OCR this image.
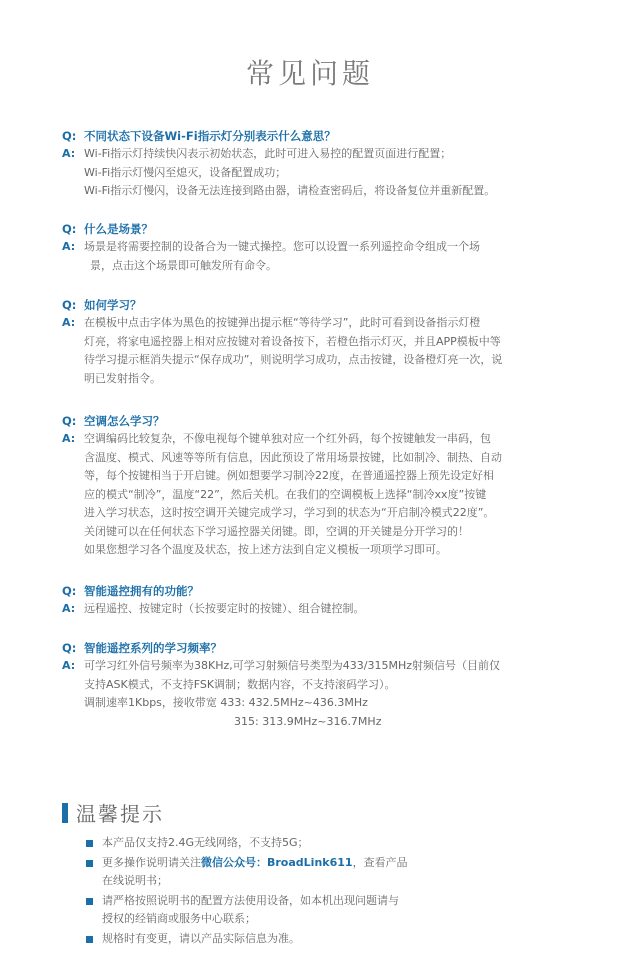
常见问题
Q: 不同状态下设备Wi-Fi指示灯分别表示什么意思？
A: Wi-Fi指示灯持续快闪表示初始状态，此时可进入易控的配置页面进行配置；
Wi-Fi指示灯慢闪至熄灭，设备配置成功；
Wi-Fi指示灯慢闪，设备无法连接到路由器，请检查密码后，将设备复位并重新配置。
Q: 什么是场景？
A: 场景是将需要控制的设备合为一键式操控。您可以设置一系列遥控命令组成一个场
景，点击这个场景即可触发所有命令。
Q: 如何学习？
A: 在模板中点击字体为黑色的按键弹出提示框“等待学习”，此时可看到设备指示灯橙
灯亮，将家电遥控器上相对应按键对着设备按下，若橙色指示灯灭，并且APP模板中等
待学习提示框消失提示“保存成功”，则说明学习成功，点击按键，设备橙灯亮一次，说
明已发射指令。
Q: 空调怎么学习？
A: 空调编码比较复杂，不像电视每个键单独对应一个红外码，每个按键触发一串码，包
含温度、模式、风速等等所有信息，因此预设了常用场景按键，比如制冷、制热、自动
等，每个按键相当于开启键。例如想要学习制冷22度，在普通遥控器上预先设定好相
应的模式“制冷”，温度“22”，然后关机。在我们的空调模板上选择“制冷xx度”按键
进入学习状态，这时按空调开关键完成学习，学习到的状态为“开启制冷模式22度”。
关闭键可以在任何状态下学习遥控器关闭键。即，空调的开关键是分开学习的！
如果您想学习各个温度及状态，按上述方法到自定义模板一项项学习即可。
Q: 智能遥控拥有的功能？
A: 远程遥控、按键定时（长按要定时的按键）、组合键控制。
Q: 智能遥控系列的学习频率？
A: 可学习红外信号频率为38KHz,可学习射频信号类型为433/315MHz射频信号（目前仅
支持ASK模式，不支持FSK调制；数据内容，不支持滚码学习）。
调制速率1Kbps，接收带宽 433: 432.5MHz~436.3MHz
315: 313.9MHz~316.7MHz
温馨提示
本产品仅支持2.4G无线网络，不支持5G；
更多操作说明请关注微信公众号：BroadLink611，查看产品
在线说明书；
请严格按照说明书的配置方法使用设备，如本机出现问题请与
授权的经销商或服务中心联系；
规格时有变更，请以产品实际信息为准。
